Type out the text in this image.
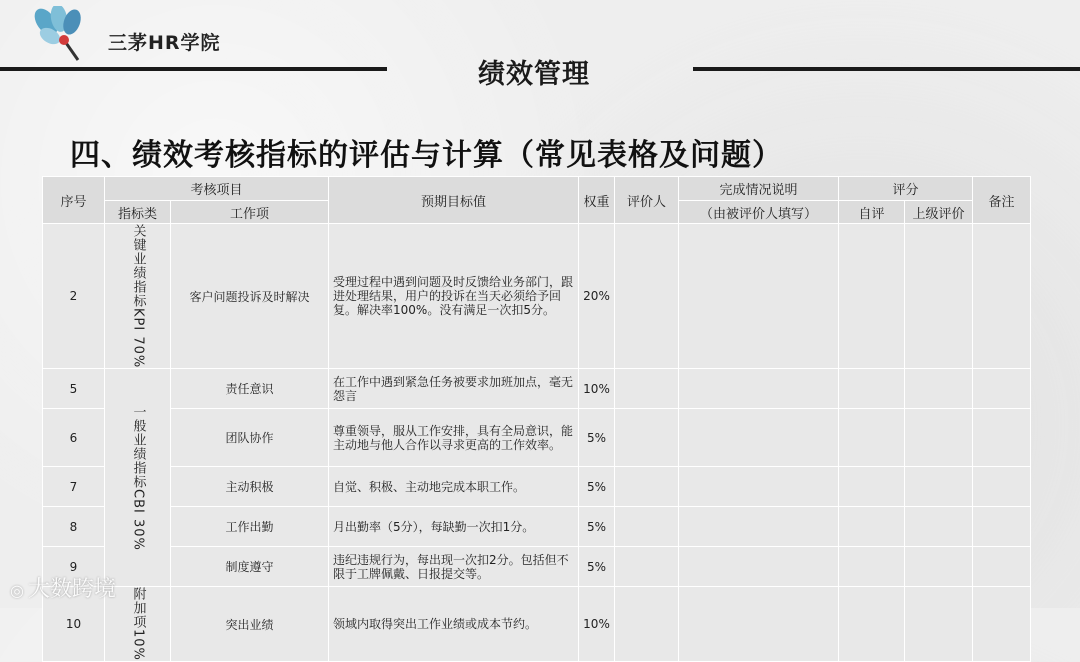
三茅HR学院
绩效管理
四、绩效考核指标的评估与计算（常见表格及问题）
序号	考核项目		预期目标值	权重	评价人	完成情况说明	评分		备注
	指标类	工作项				（由被评价人填写）	自评	上级评价	
2	关键业绩指标KPI 70%	客户问题投诉及时解决	受理过程中遇到问题及时反馈给业务部门，跟进处理结果，用户的投诉在当天必须给予回复。解决率100%。没有满足一次扣5分。	20%					
5	一般业绩指标CBI 30%	责任意识	在工作中遇到紧急任务被要求加班加点，毫无怨言	10%					
6		团队协作	尊重领导，服从工作安排，具有全局意识，能主动地与他人合作以寻求更高的工作效率。	5%					
7		主动积极	自觉、积极、主动地完成本职工作。	5%					
8		工作出勤	月出勤率（5分），每缺勤一次扣1分。	5%					
9		制度遵守	违纪违规行为，每出现一次扣2分。包括但不限于工牌佩戴、日报提交等。	5%					
10	附加项10%	突出业绩	领域内取得突出工作业绩或成本节约。	10%					
◎ 大数跨境
